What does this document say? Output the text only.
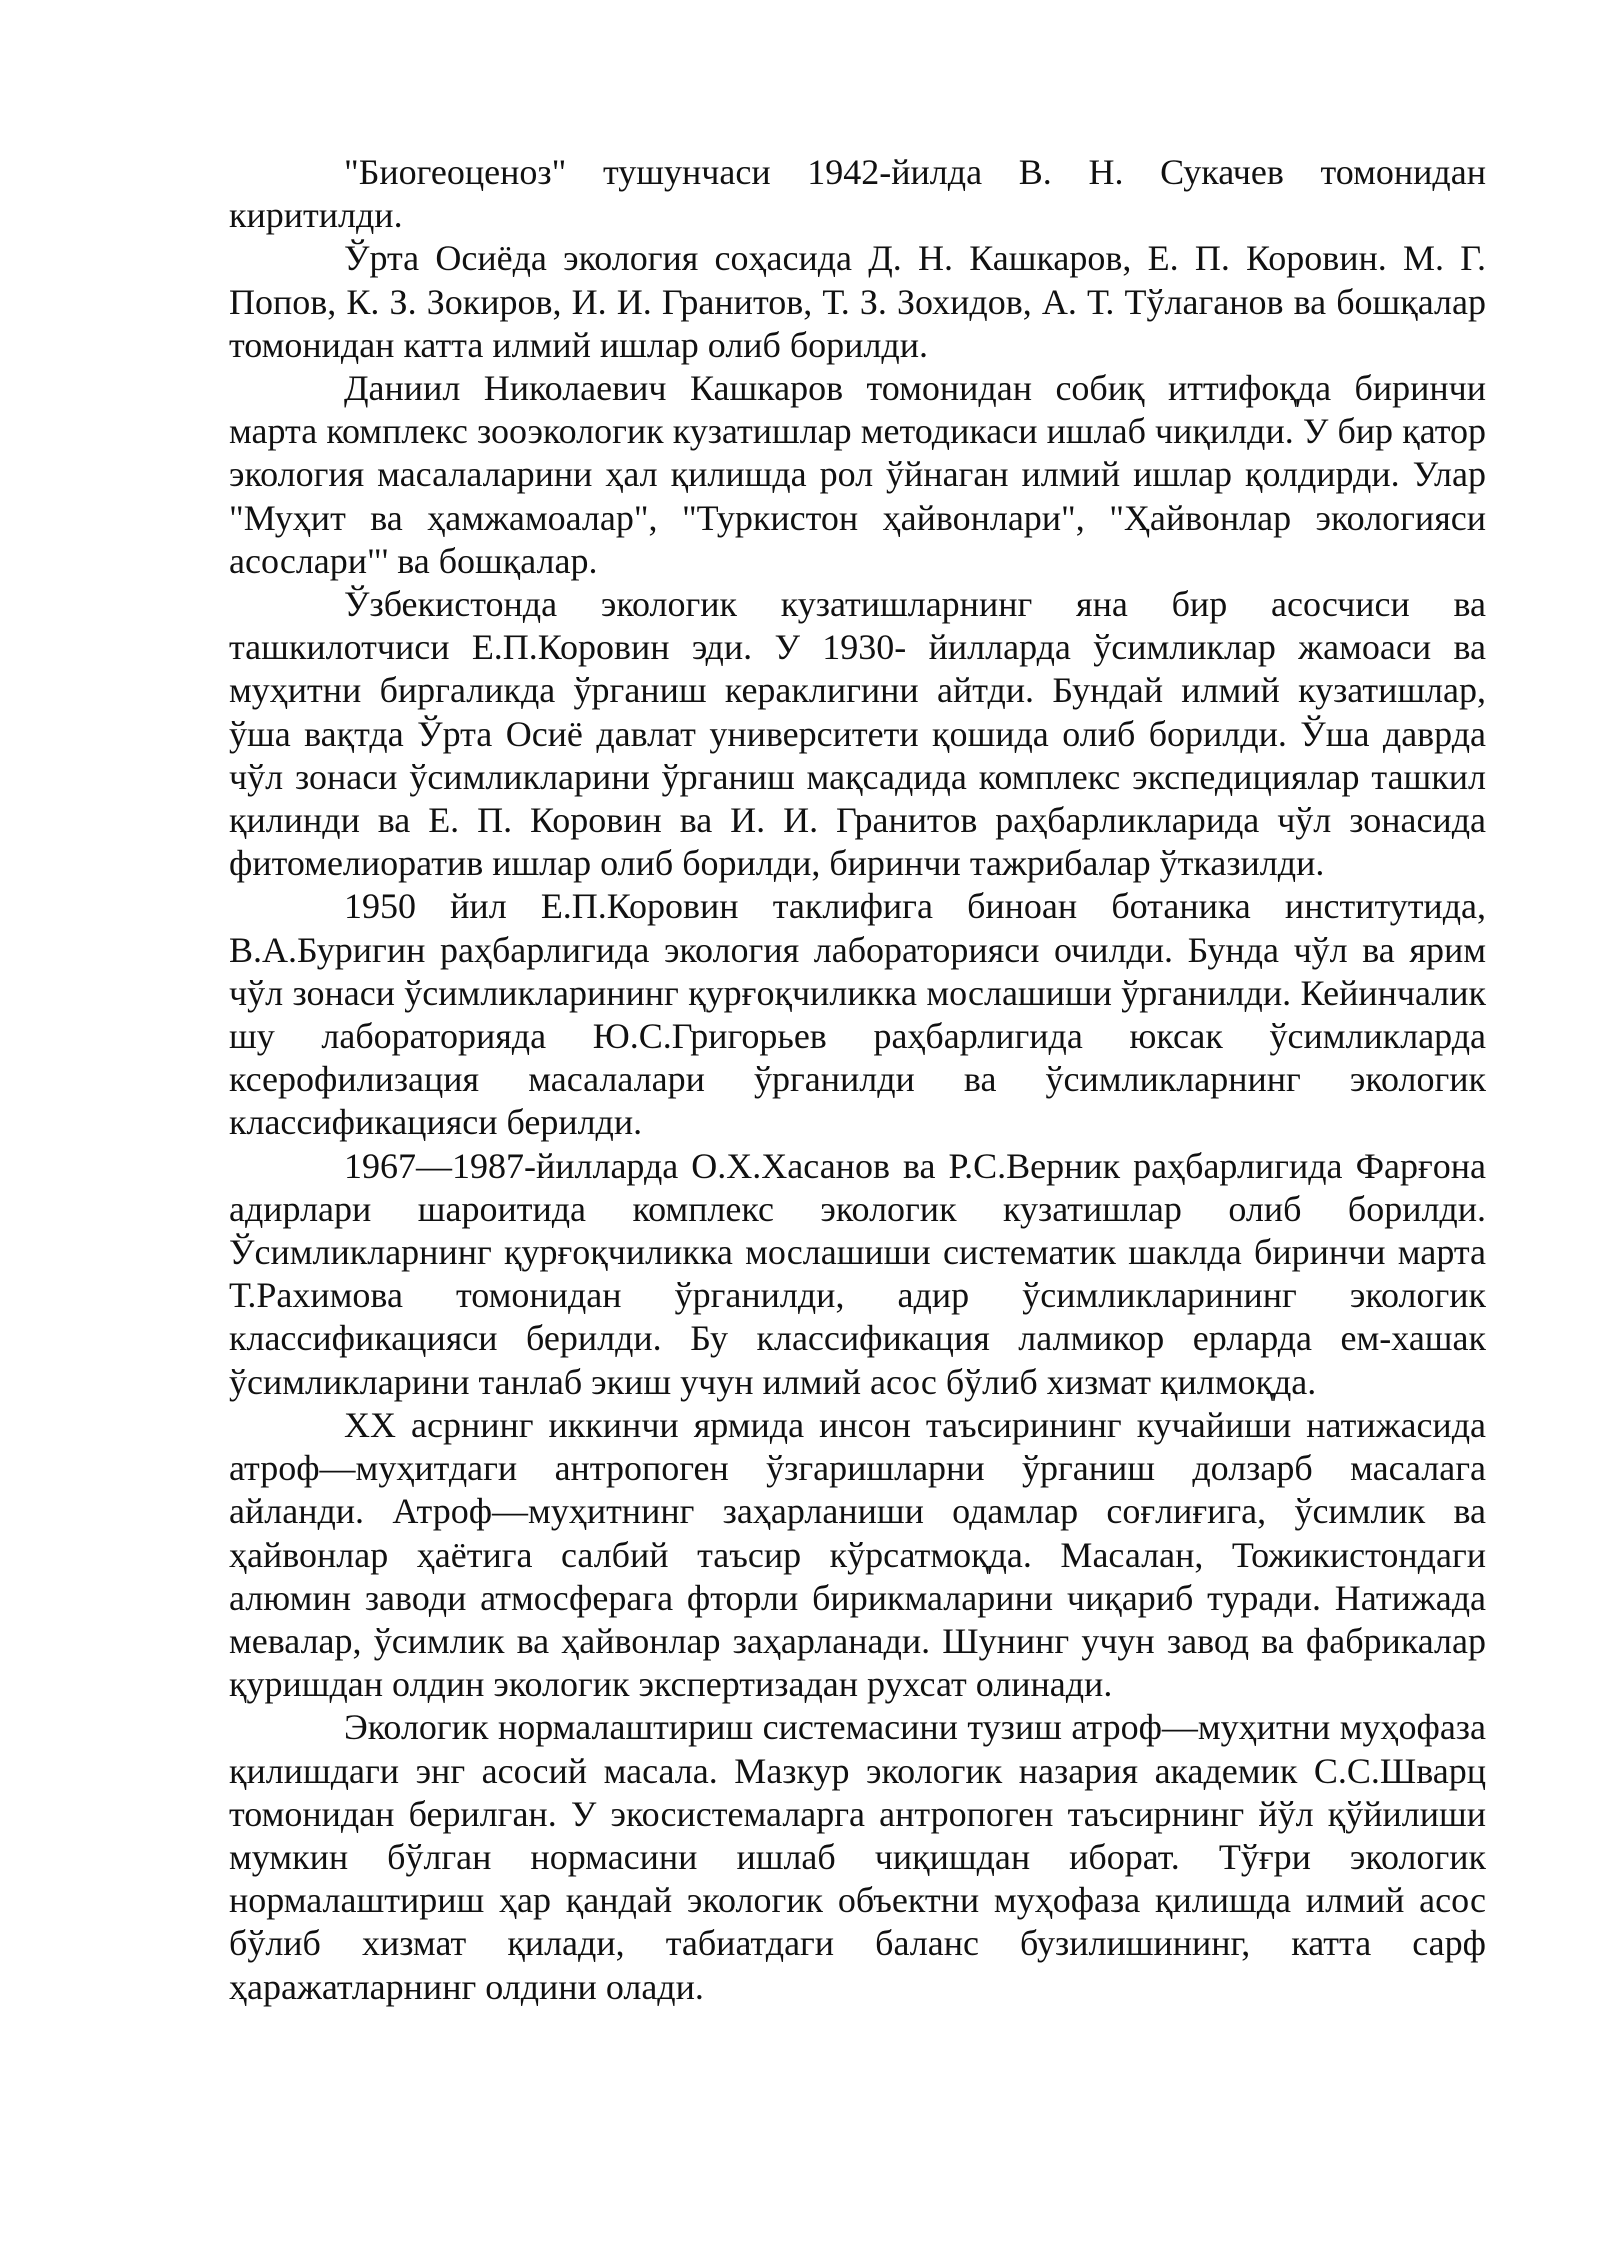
"Биогеоценоз" тушунчаси 1942-йилда В. Н. Сукачев томонидан киритилди.

Ўрта Осиёда экология соҳасида Д. Н. Кашкаров, Е. П. Коровин. М. Г. Попов, К. З. Зокиров, И. И. Гранитов, Т. З. Зохидов, А. Т. Тўлаганов ва бошқалар томонидан катта илмий ишлар олиб борилди.

Даниил Николаевич Кашкаров томонидан собиқ иттифоқда биринчи марта комплекс зооэкологик кузатишлар методикаси ишлаб чиқилди. У бир қатор экология масалаларини ҳал қилишда рол ўйнаган илмий ишлар қолдирди. Улар "Муҳит ва ҳамжамоалар", "Туркистон ҳайвонлари", "Ҳайвонлар экологияси асослари"' ва бошқалар.

Ўзбекистонда экологик кузатишларнинг яна бир асосчиси ва ташкилотчиси Е.П.Коровин эди. У 1930- йилларда ўсимликлар жамоаси ва муҳитни биргаликда ўрганиш кераклигини айтди. Бундай илмий кузатишлар, ўша вақтда Ўрта Осиё давлат университети қошида олиб борилди. Ўша даврда чўл зонаси ўсимликларини ўрганиш мақсадида комплекс экспедициялар ташкил қилинди ва Е. П. Коровин ва И. И. Гранитов раҳбарликларида чўл зонасида фитомелиоратив ишлар олиб борилди, биринчи тажрибалар ўтказилди.

1950 йил Е.П.Коровин таклифига биноан ботаника институтида, В.А.Буригин раҳбарлигида экология лабораторияси очилди. Бунда чўл ва ярим чўл зонаси ўсимликларининг қурғоқчиликка мослашиши ўрганилди. Кейинчалик шу лабораторияда Ю.С.Григорьев раҳбарлигида юксак ўсимликларда ксерофилизация масалалари ўрганилди ва ўсимликларнинг экологик классификацияси берилди.

1967—1987-йилларда О.Х.Хасанов ва Р.С.Верник раҳбарлигида Фарғона адирлари шароитида комплекс экологик кузатишлар олиб борилди. Ўсимликларнинг қурғоқчиликка мослашиши систематик шаклда биринчи марта Т.Рахимова томонидан ўрганилди, адир ўсимликларининг экологик классификацияси берилди. Бу классификация лалмикор ерларда ем-хашак ўсимликларини танлаб экиш учун илмий асос бўлиб хизмат қилмоқда.

XX асрнинг иккинчи ярмида инсон таъсирининг кучайиши натижасида атроф—муҳитдаги антропоген ўзгаришларни ўрганиш долзарб масалага айланди. Атроф—муҳитнинг заҳарланиши одамлар соғлиғига, ўсимлик ва ҳайвонлар ҳаётига салбий таъсир кўрсатмоқда. Масалан, Тожикистондаги алюмин заводи атмосферага фторли бирикмаларини чиқариб туради. Натижада мевалар, ўсимлик ва ҳайвонлар заҳарланади. Шунинг учун завод ва фабрикалар қуришдан олдин экологик экспертизадан рухсат олинади.

Экологик нормалаштириш системасини тузиш атроф—муҳитни муҳофаза қилишдаги энг асосий масала. Мазкур экологик назария академик С.С.Шварц томонидан берилган. У экосистемаларга антропоген таъсирнинг йўл қўйилиши мумкин бўлган нормасини ишлаб чиқишдан иборат. Тўғри экологик нормалаштириш ҳар қандай экологик объектни муҳофаза қилишда илмий асос бўлиб хизмат қилади, табиатдаги баланс бузилишининг, катта сарф ҳаражатларнинг олдини олади.
